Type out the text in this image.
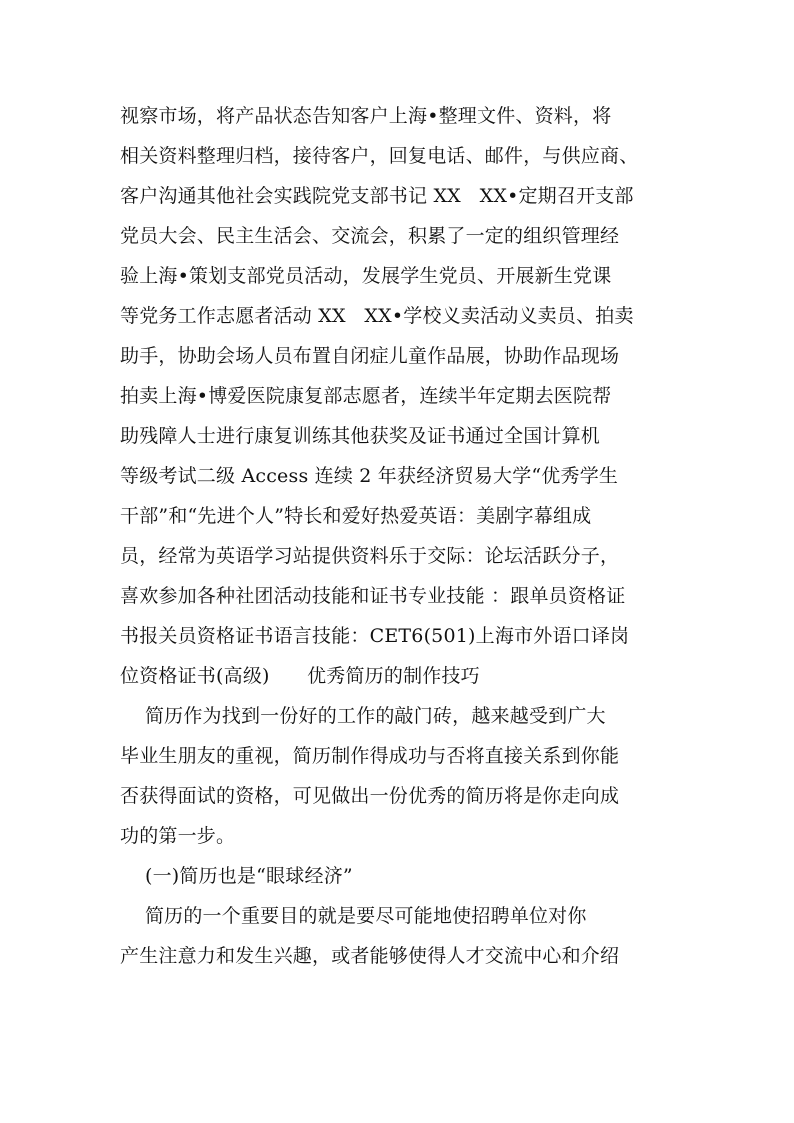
视察市场，将产品状态告知客户上海•整理文件、资料，将
相关资料整理归档，接待客户，回复电话、邮件，与供应商、
客户沟通其他社会实践院党支部书记 XX   XX•定期召开支部
党员大会、民主生活会、交流会，积累了一定的组织管理经
验上海•策划支部党员活动，发展学生党员、开展新生党课
等党务工作志愿者活动 XX   XX•学校义卖活动义卖员、拍卖
助手，协助会场人员布置自闭症儿童作品展，协助作品现场
拍卖上海•博爱医院康复部志愿者，连续半年定期去医院帮
助残障人士进行康复训练其他获奖及证书通过全国计算机
等级考试二级 Access 连续 2 年获经济贸易大学“优秀学生
干部”和“先进个人”特长和爱好热爱英语：美剧字幕组成
员，经常为英语学习站提供资料乐于交际：论坛活跃分子，
喜欢参加各种社团活动技能和证书专业技能 ：跟单员资格证
书报关员资格证书语言技能：CET6(501)上海市外语口译岗
位资格证书(高级)      优秀简历的制作技巧
简历作为找到一份好的工作的敲门砖，越来越受到广大
毕业生朋友的重视，简历制作得成功与否将直接关系到你能
否获得面试的资格，可见做出一份优秀的简历将是你走向成
功的第一步。
(一)简历也是“眼球经济”
简历的一个重要目的就是要尽可能地使招聘单位对你
产生注意力和发生兴趣，或者能够使得人才交流中心和介绍
